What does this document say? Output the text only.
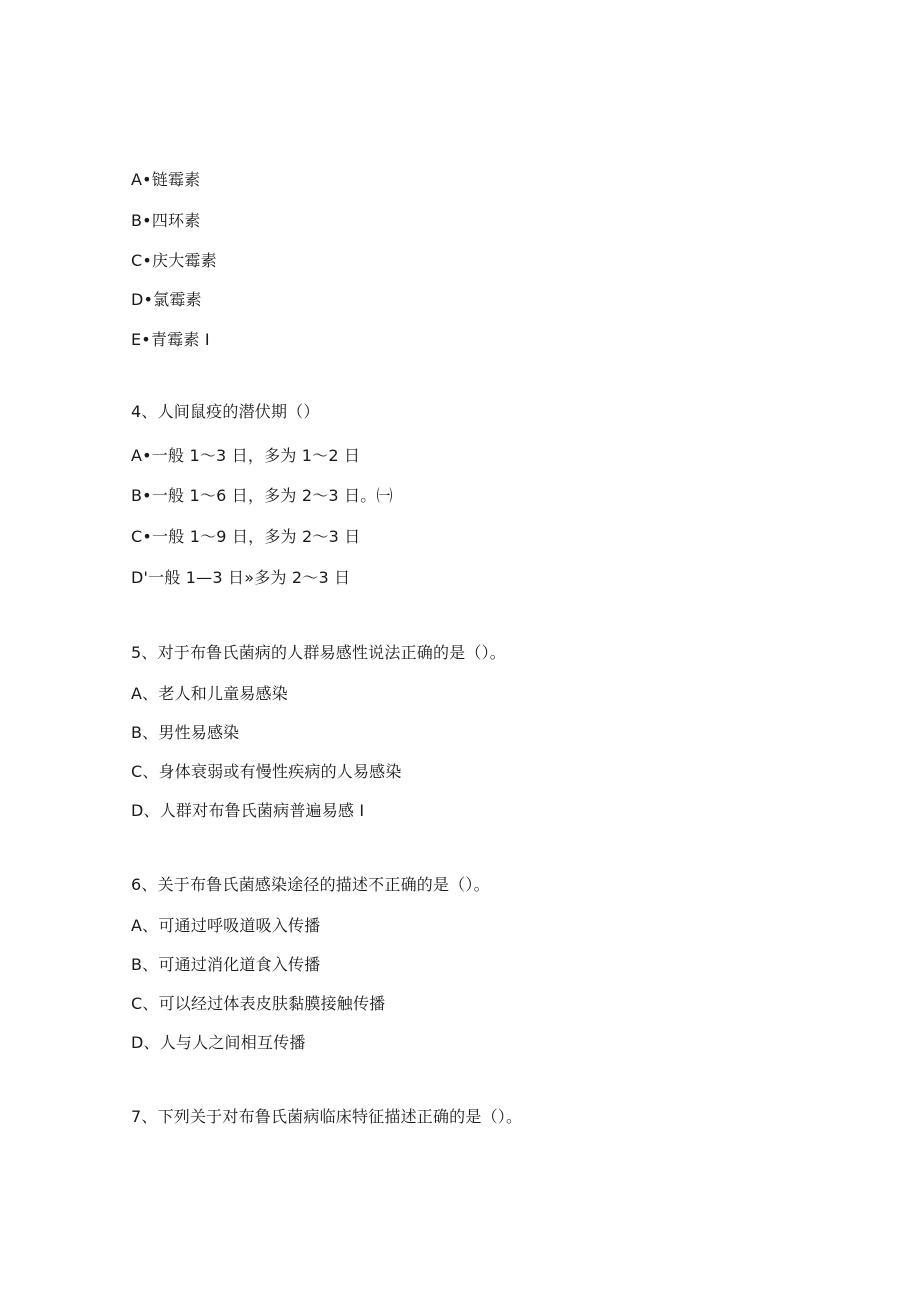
A•链霉素
B•四环素
C•庆大霉素
D•氯霉素
E•青霉素 I
4、人间鼠疫的潜伏期（）
A•一般 1～3 日，多为 1～2 日
B•一般 1～6 日，多为 2～3 日。㈠
C•一般 1～9 日，多为 2～3 日
D'一般 1—3 日»多为 2～3 日
5、对于布鲁氏菌病的人群易感性说法正确的是（）。
A、老人和儿童易感染
B、男性易感染
C、身体衰弱或有慢性疾病的人易感染
D、人群对布鲁氏菌病普遍易感 I
6、关于布鲁氏菌感染途径的描述不正确的是（）。
A、可通过呼吸道吸入传播
B、可通过消化道食入传播
C、可以经过体表皮肤黏膜接触传播
D、人与人之间相互传播
7、下列关于对布鲁氏菌病临床特征描述正确的是（）。
